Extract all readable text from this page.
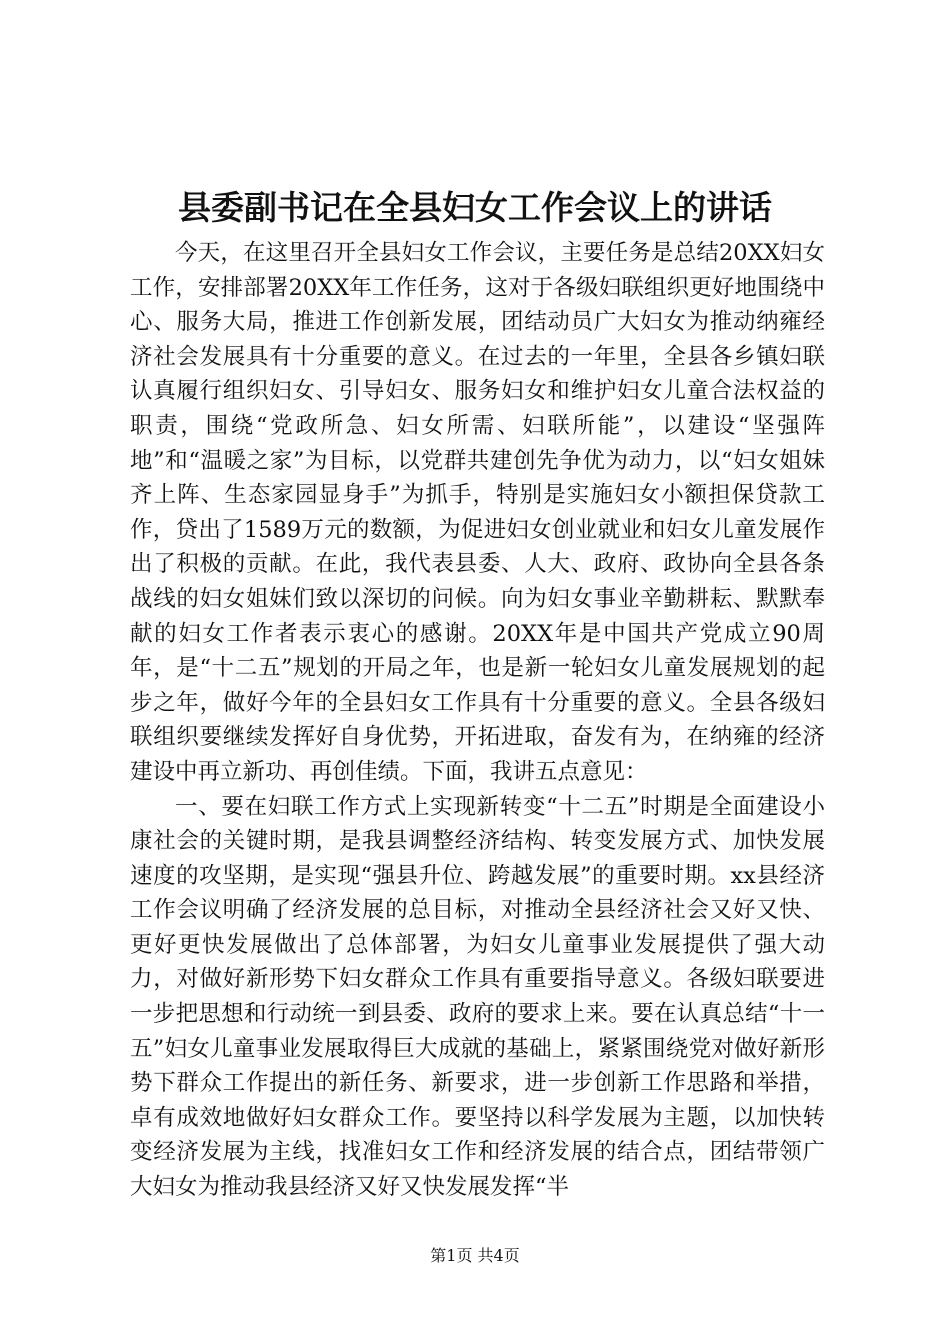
县委副书记在全县妇女工作会议上的讲话

今天，在这里召开全县妇女工作会议，主要任务是总结20XX妇女工作，安排部署20XX年工作任务，这对于各级妇联组织更好地围绕中心、服务大局，推进工作创新发展，团结动员广大妇女为推动纳雍经济社会发展具有十分重要的意义。在过去的一年里，全县各乡镇妇联认真履行组织妇女、引导妇女、服务妇女和维护妇女儿童合法权益的职责，围绕“党政所急、妇女所需、妇联所能”，以建设“坚强阵地”和“温暖之家”为目标，以党群共建创先争优为动力，以“妇女姐妹齐上阵、生态家园显身手”为抓手，特别是实施妇女小额担保贷款工作，贷出了1589万元的数额，为促进妇女创业就业和妇女儿童发展作出了积极的贡献。在此，我代表县委、人大、政府、政协向全县各条战线的妇女姐妹们致以深切的问候。向为妇女事业辛勤耕耘、默默奉献的妇女工作者表示衷心的感谢。20XX年是中国共产党成立90周年，是“十二五”规划的开局之年，也是新一轮妇女儿童发展规划的起步之年，做好今年的全县妇女工作具有十分重要的意义。全县各级妇联组织要继续发挥好自身优势，开拓进取，奋发有为，在纳雍的经济建设中再立新功、再创佳绩。下面，我讲五点意见：

一、要在妇联工作方式上实现新转变“十二五”时期是全面建设小康社会的关键时期，是我县调整经济结构、转变发展方式、加快发展速度的攻坚期，是实现“强县升位、跨越发展”的重要时期。xx县经济工作会议明确了经济发展的总目标，对推动全县经济社会又好又快、更好更快发展做出了总体部署，为妇女儿童事业发展提供了强大动力，对做好新形势下妇女群众工作具有重要指导意义。各级妇联要进一步把思想和行动统一到县委、政府的要求上来。要在认真总结“十一五”妇女儿童事业发展取得巨大成就的基础上，紧紧围绕党对做好新形势下群众工作提出的新任务、新要求，进一步创新工作思路和举措，卓有成效地做好妇女群众工作。要坚持以科学发展为主题，以加快转变经济发展为主线，找准妇女工作和经济发展的结合点，团结带领广大妇女为推动我县经济又好又快发展发挥“半

第1页 共4页
